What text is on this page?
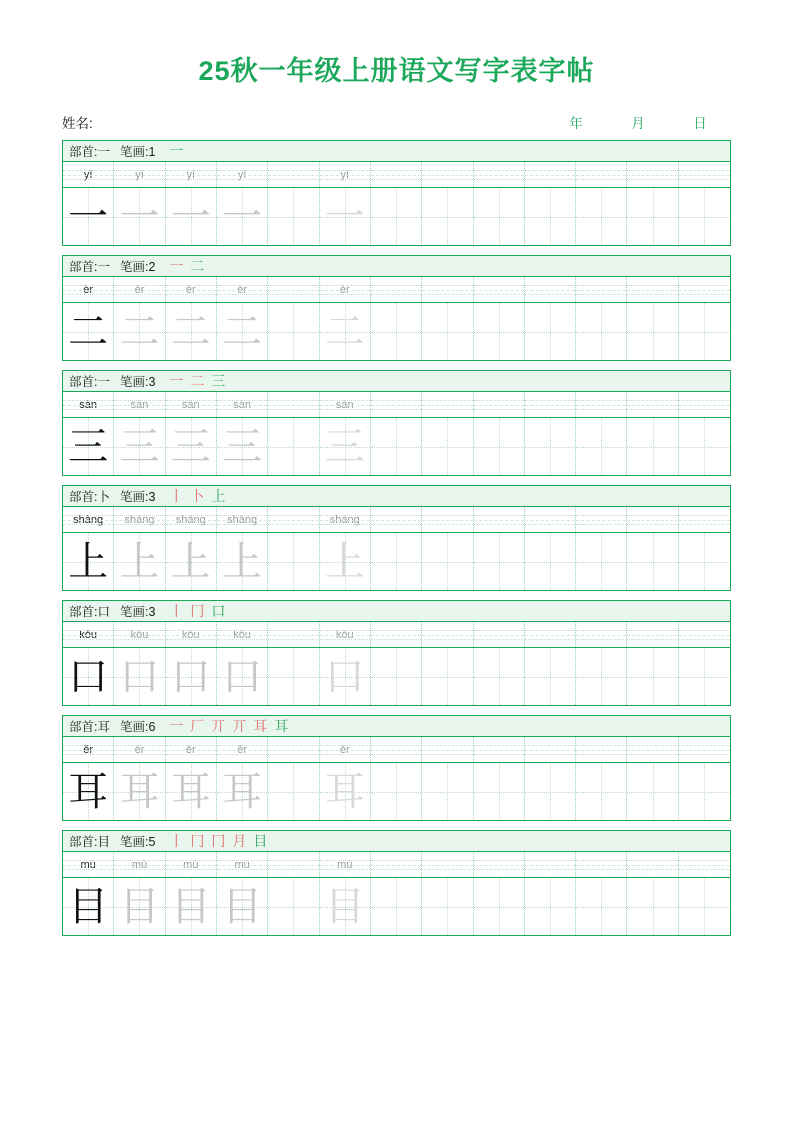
25秋一年级上册语文写字表字帖
姓名:	年	月	日
部首:一 笔画:1 一
yī	yī	yī	yī	yī
一 一 一 一 一
部首:一 笔画:2 一 二
èr	èr	èr	èr	èr
二 二 二 二 二
部首:一 笔画:3 一 二 三
sān	sān	sān	sān	sān
三 三 三 三 三
部首:卜 笔画:3 丨 卜 上
shàng shàng shàng shàng	shàng
上 上 上 上 上
部首:口 笔画:3 丨 冂 口
kǒu	kǒu	kǒu	kǒu	kǒu
口 口 口 口 口
部首:耳 笔画:6 一 厂 丌 丌 耳 耳
ěr	ěr	ěr	ěr	ěr
耳 耳 耳 耳 耳
部首:目 笔画:5 丨 冂 冂 月 目
mù	mù	mù	mù	mù
目 目 目 目 目
